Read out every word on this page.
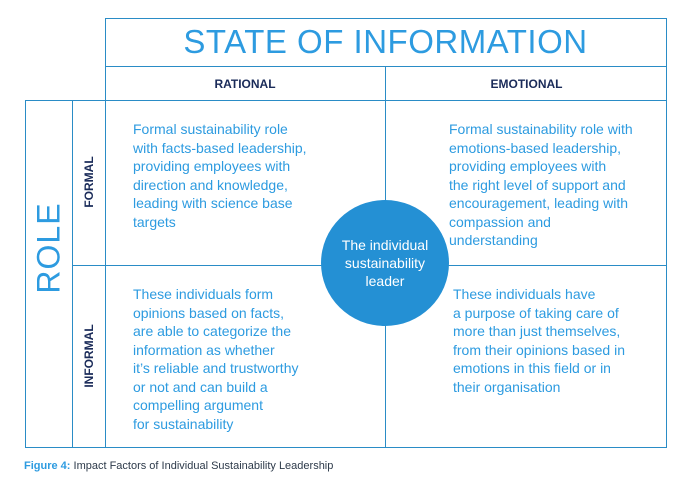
STATE OF INFORMATION
RATIONAL	EMOTIONAL
ROLE
FORMAL
INFORMAL
Formal sustainability role
with facts-based leadership,
providing employees with
direction and knowledge,
leading with science base
targets
Formal sustainability role with
emotions-based leadership,
providing employees with
the right level of support and
encouragement, leading with
compassion and
understanding
These individuals form
opinions based on facts,
are able to categorize the
information as whether
it’s reliable and trustworthy
or not and can build a
compelling argument
for sustainability
These individuals have
a purpose of taking care of
more than just themselves,
from their opinions based in
emotions in this field or in
their organisation
The individual
sustainability
leader
Figure 4: Impact Factors of Individual Sustainability Leadership
